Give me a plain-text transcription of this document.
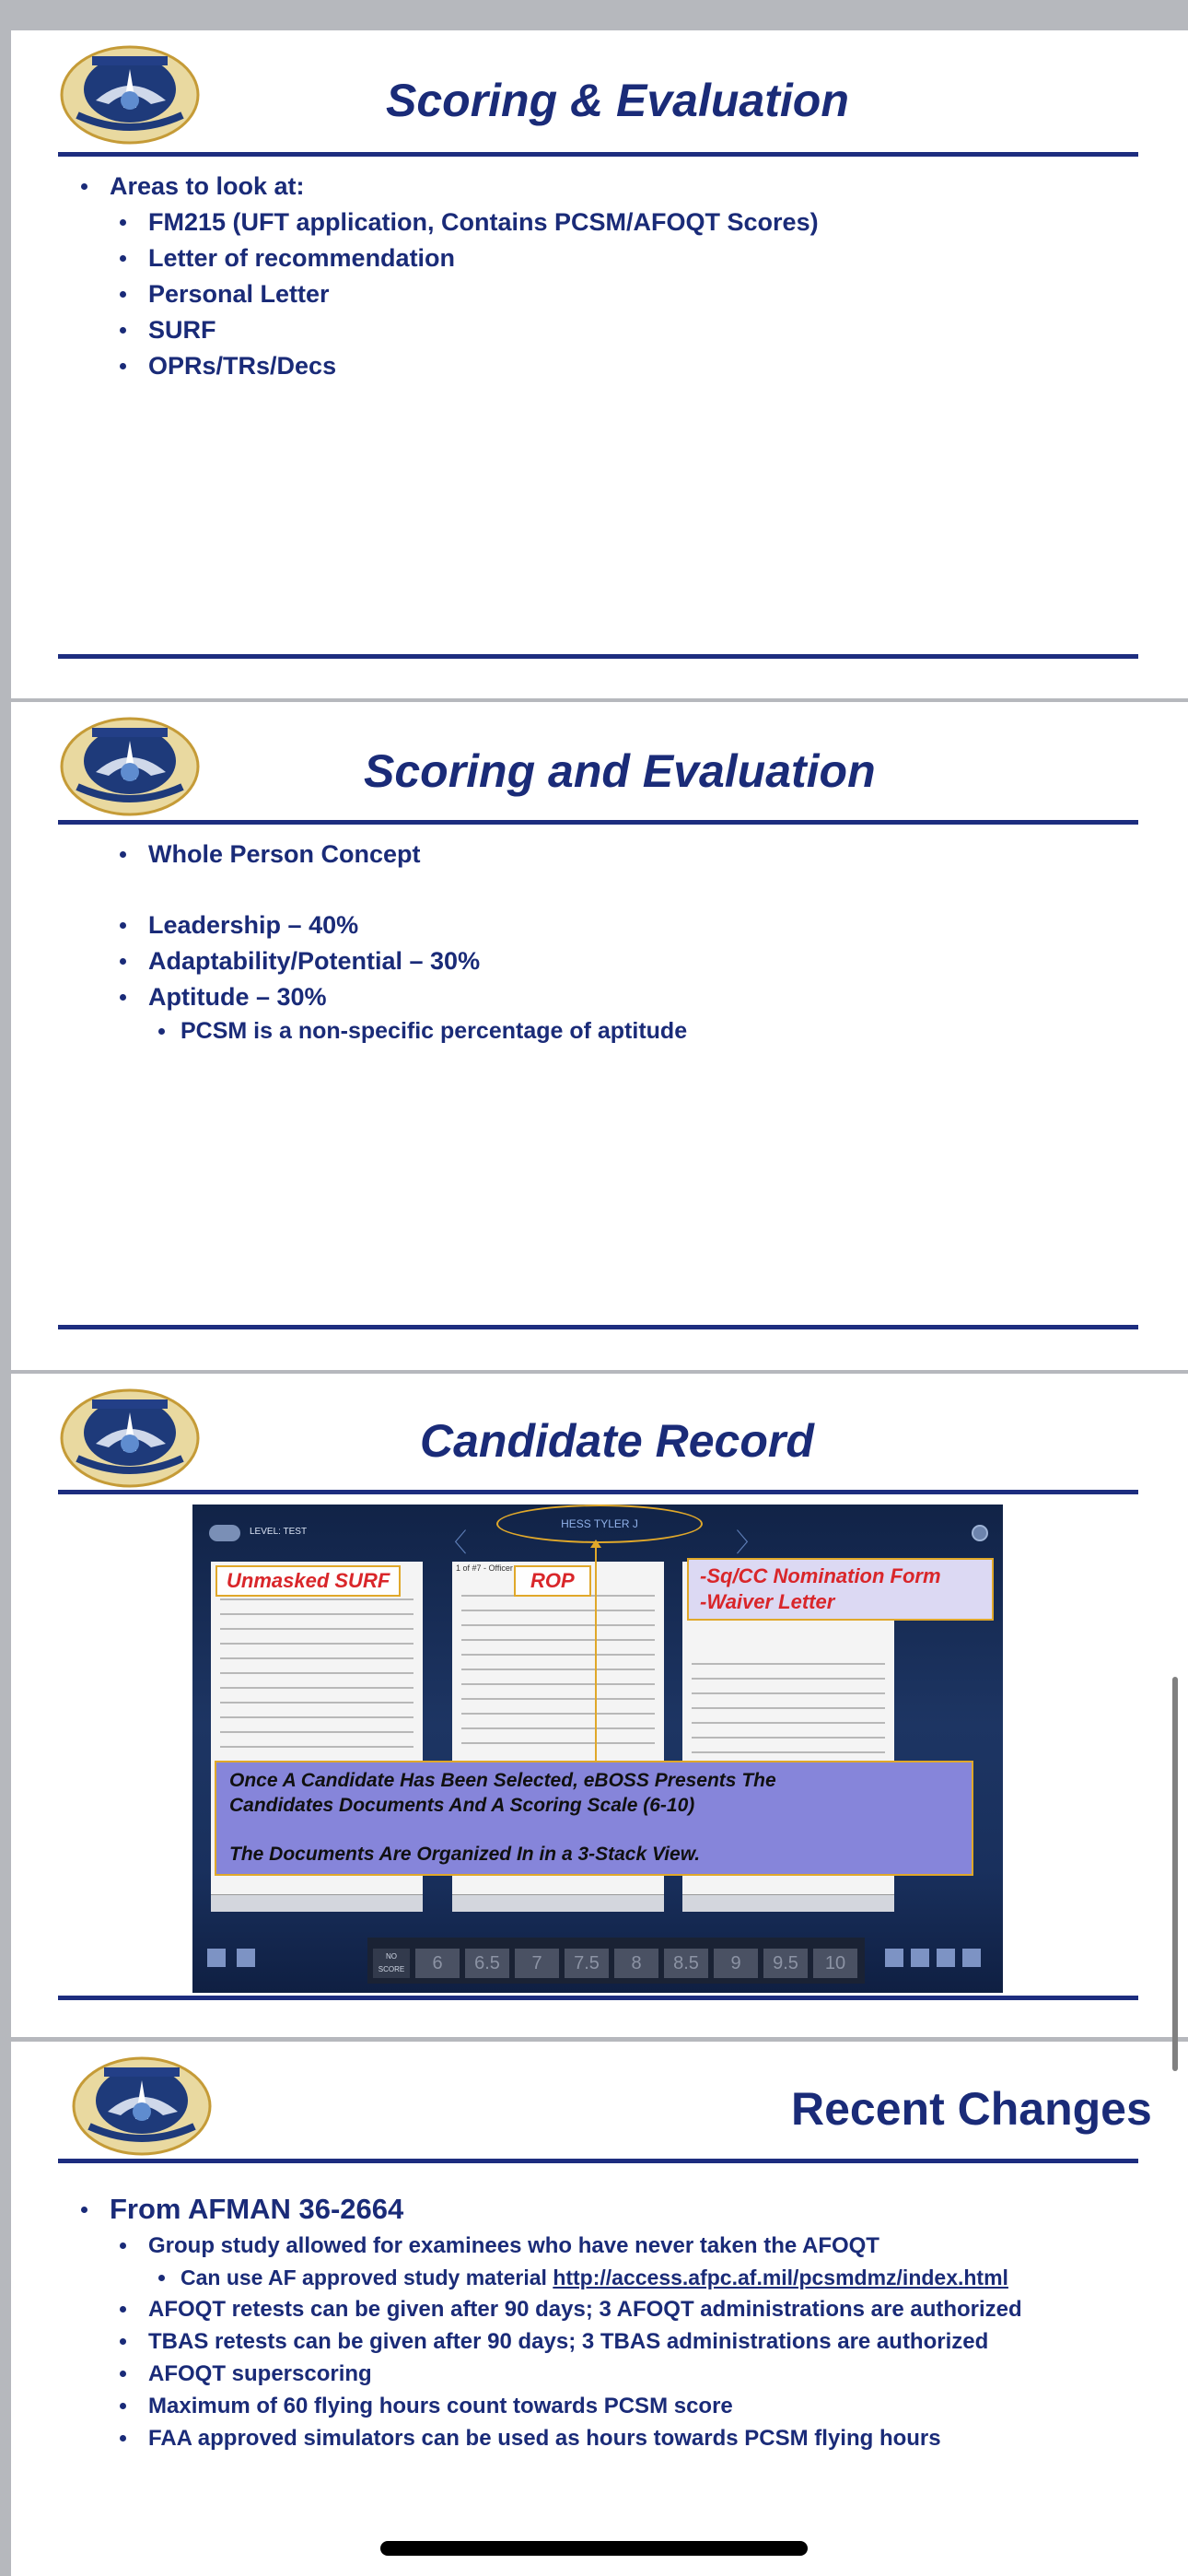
Scoring & Evaluation
Areas to look at:
FM215 (UFT application, Contains PCSM/AFOQT Scores)
Letter of recommendation
Personal Letter
SURF
OPRs/TRs/Decs
Scoring and Evaluation
Whole Person Concept
Leadership – 40%
Adaptability/Potential – 30%
Aptitude – 30%
PCSM is a non-specific percentage of aptitude
Candidate Record
LEVEL: TEST	〈	〉
HESS TYLER J
1 of #7 - Officer
Unmasked SURF	ROP	-Sq/CC Nomination Form
-Waiver Letter
Once A Candidate Has Been Selected, eBOSS Presents The
Candidates Documents And A Scoring Scale (6-10)
The Documents Are Organized In in a 3-Stack View.
NO SCORE	6	6.5	7	7.5	8	8.5	9	9.5	10
Recent Changes
From AFMAN 36-2664
Group study allowed for examinees who have never taken the AFOQT
Can use AF approved study material http://access.afpc.af.mil/pcsmdmz/index.html
AFOQT retests can be given after 90 days; 3 AFOQT administrations are authorized
TBAS retests can be given after 90 days; 3 TBAS administrations are authorized
AFOQT superscoring
Maximum of 60 flying hours count towards PCSM score
FAA approved simulators can be used as hours towards PCSM flying hours
